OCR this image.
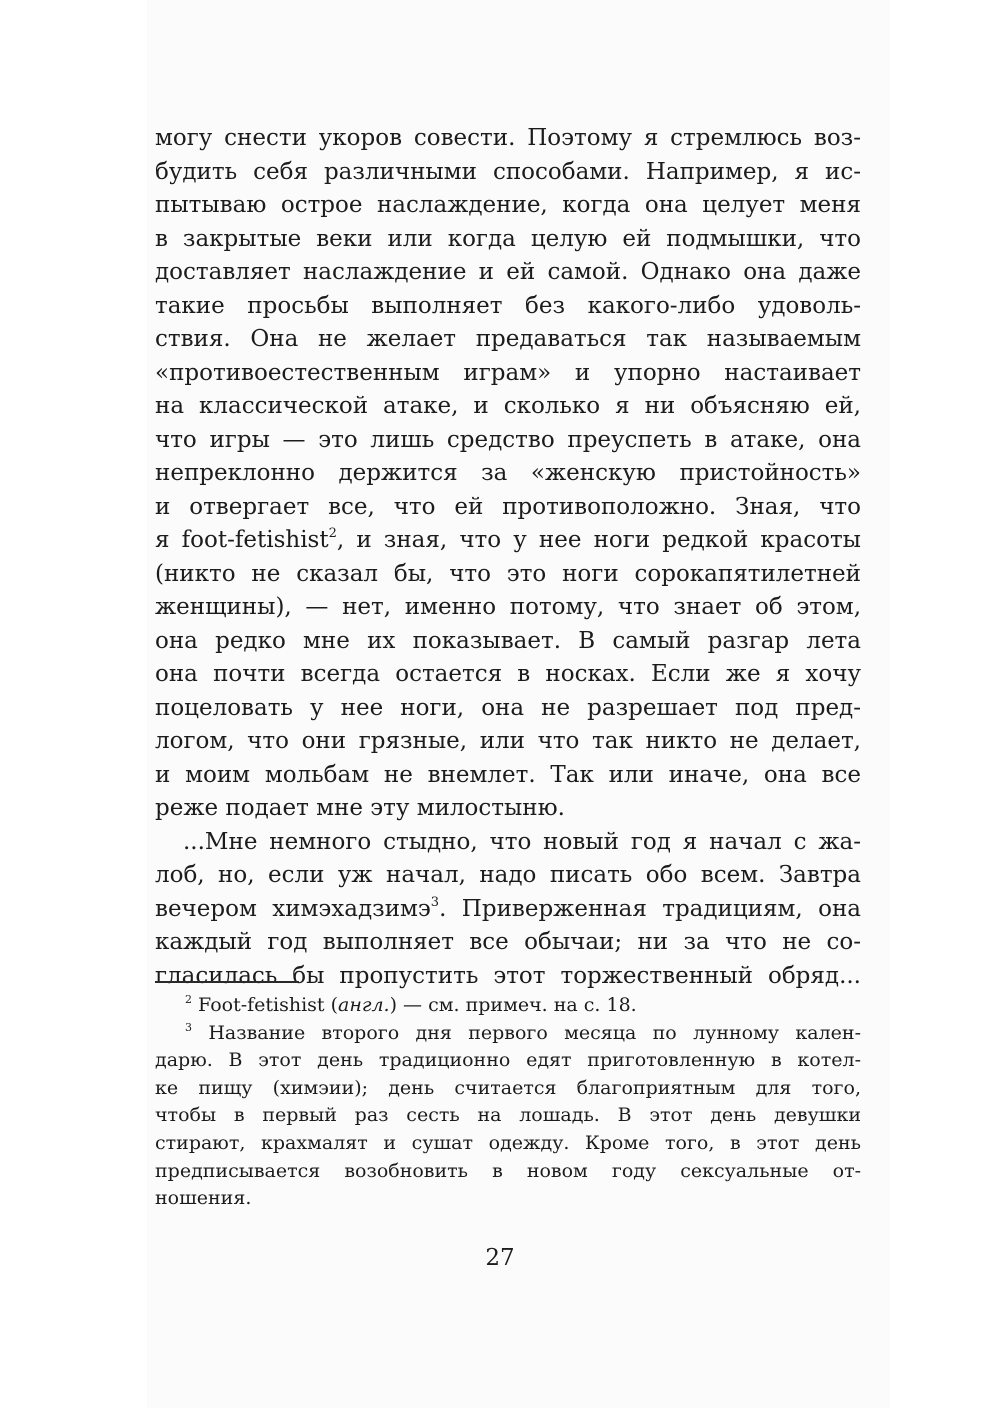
могу снести укоров совести. Поэтому я стремлюсь воз-
будить себя различными способами. Например, я ис-
пытываю острое наслаждение, когда она целует меня
в закрытые веки или когда целую ей подмышки, что
доставляет наслаждение и ей самой. Однако она даже
такие просьбы выполняет без какого-либо удоволь-
ствия. Она не желает предаваться так называемым
«противоестественным играм» и упорно настаивает
на классической атаке, и сколько я ни объясняю ей,
что игры — это лишь средство преуспеть в атаке, она
непреклонно держится за «женскую пристойность»
и отвергает все, что ей противоположно. Зная, что
я foot-fetishist$^2$, и зная, что у нее ноги редкой красоты
(никто не сказал бы, что это ноги сорокапятилетней
женщины), — нет, именно потому, что знает об этом,
она редко мне их показывает. В самый разгар лета
она почти всегда остается в носках. Если же я хочу
поцеловать у нее ноги, она не разрешает под пред-
логом, что они грязные, или что так никто не делает,
и моим мольбам не внемлет. Так или иначе, она все
реже подает мне эту милостыню.
...Мне немного стыдно, что новый год я начал с жа-
лоб, но, если уж начал, надо писать обо всем. Завтра
вечером химэхадзимэ$^3$. Приверженная традициям, она
каждый год выполняет все обычаи; ни за что не со-
гласилась бы пропустить этот торжественный обряд...
$^2$ Foot-fetishist (англ.) — см. примеч. на с. 18.
$^3$ Название второго дня первого месяца по лунному кален-
дарю. В этот день традиционно едят приготовленную в котел-
ке пищу (химэии); день считается благоприятным для того,
чтобы в первый раз сесть на лошадь. В этот день девушки
стирают, крахмалят и сушат одежду. Кроме того, в этот день
предписывается возобновить в новом году сексуальные от-
ношения.
27
